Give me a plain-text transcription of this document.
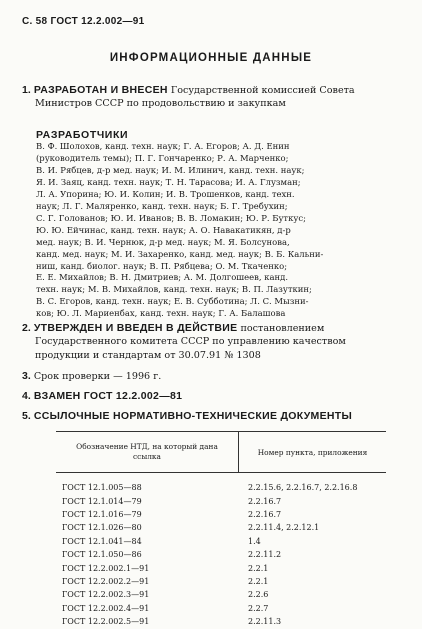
С. 58 ГОСТ 12.2.002—91
ИНФОРМАЦИОННЫЕ ДАННЫЕ
1. РАЗРАБОТАН И ВНЕСЕН Государственной комиссией Совета Министров СССР по продовольствию и закупкам
РАЗРАБОТЧИКИ
В. Ф. Шолохов, канд. техн. наук; Г. А. Егоров; А. Д. Енин
(руководитель темы); П. Г. Гончаренко; Р. А. Марченко;
В. И. Рябцев, д-р мед. наук; И. М. Илинич, канд. техн. наук;
Я. И. Заяц, канд. техн. наук; Т. Н. Тарасова; И. А. Глузман;
Л. А. Упорина; Ю. И. Колин; И. В. Трошенков, канд. техн.
наук; Л. Г. Маляренко, канд. техн. наук; Б. Г. Требухин;
С. Г. Голованов; Ю. И. Иванов; В. В. Ломакин; Ю. Р. Буткус;
Ю. Ю. Ейчинас, канд. техн. наук; А. О. Навакатикян, д-р
мед. наук; В. И. Чернюк, д-р мед. наук; М. Я. Болсунова,
канд. мед. наук; М. И. Захаренко, канд. мед. наук; В. Б. Кальни-
ниш, канд. биолог. наук; В. П. Рябцева; О. М. Ткаченко;
Е. Е. Михайлов; В. Н. Дмитриев; А. М. Долгошеев, канд.
техн. наук; М. В. Михайлов, канд. техн. наук; В. П. Лазуткин;
В. С. Егоров, канд. техн. наук; Е. В. Субботина; Л. С. Мызни-
ков; Ю. Л. Мариенбах, канд. техн. наук; Г. А. Балашова
2. УТВЕРЖДЕН И ВВЕДЕН В ДЕЙСТВИЕ постановлением Государственного комитета СССР по управлению качеством продукции и стандартам от 30.07.91 № 1308
3. Срок проверки — 1996 г.
4. ВЗАМЕН ГОСТ 12.2.002—81
5. ССЫЛОЧНЫЕ НОРМАТИВНО-ТЕХНИЧЕСКИЕ ДОКУМЕНТЫ
Обозначение НТД, на который дана ссылка	Номер пункта, приложения
ГОСТ 12.1.005—88	2.2.15.6, 2.2.16.7, 2.2.16.8
ГОСТ 12.1.014—79	2.2.16.7
ГОСТ 12.1.016—79	2.2.16.7
ГОСТ 12.1.026—80	2.2.11.4, 2.2.12.1
ГОСТ 12.1.041—84	1.4
ГОСТ 12.1.050—86	2.2.11.2
ГОСТ 12.2.002.1—91	2.2.1
ГОСТ 12.2.002.2—91	2.2.1
ГОСТ 12.2.002.3—91	2.2.6
ГОСТ 12.2.002.4—91	2.2.7
ГОСТ 12.2.002.5—91	2.2.11.3
